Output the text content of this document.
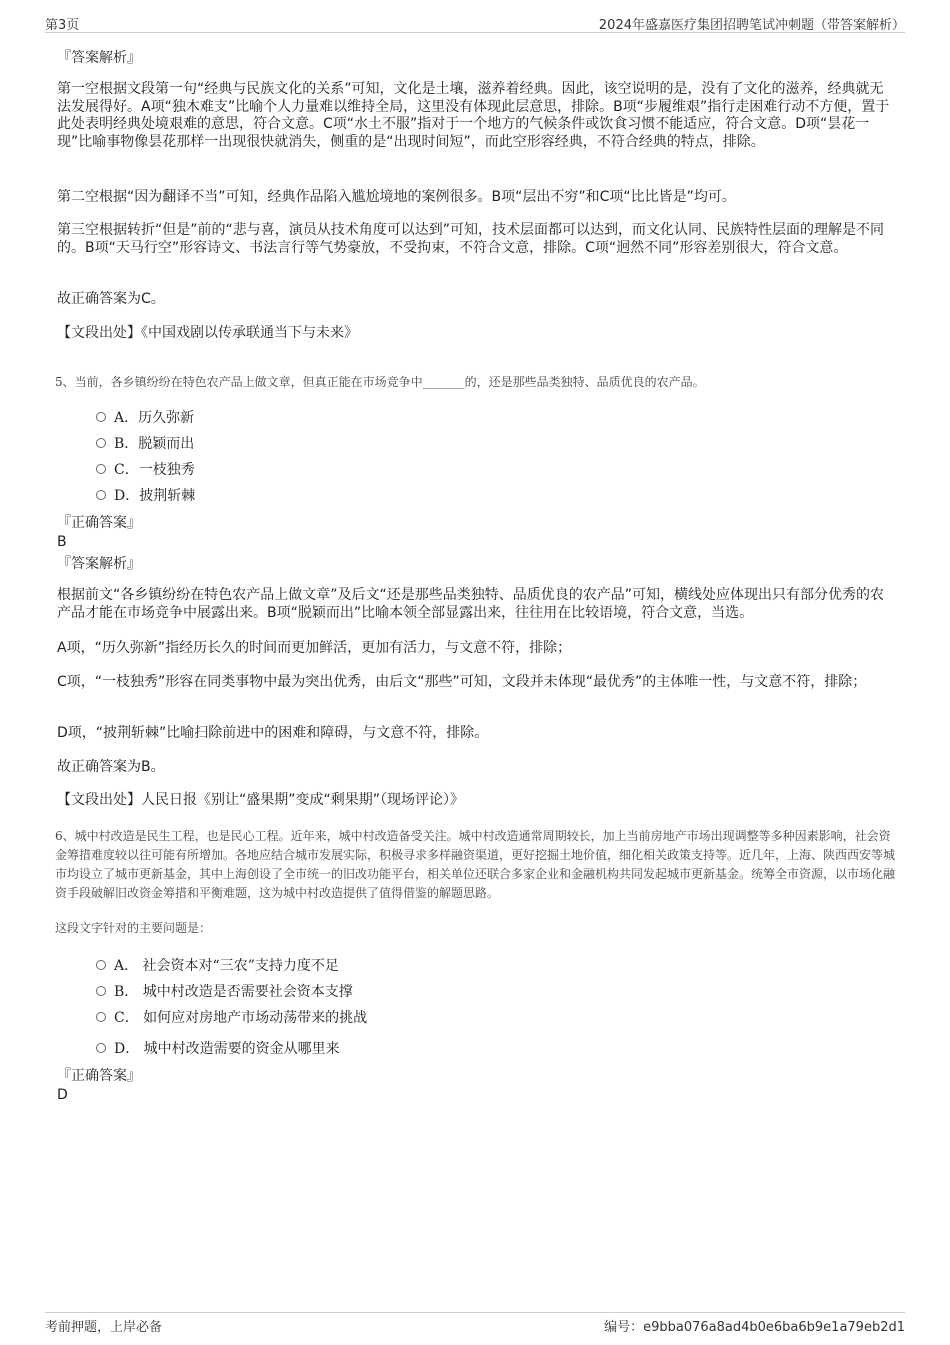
第3页	2024年盛嘉医疗集团招聘笔试冲刺题（带答案解析）
『答案解析』
第一空根据文段第一句“经典与民族文化的关系”可知，文化是土壤，滋养着经典。因此，该空说明的是，没有了文化的滋养，经典就无法发展得好。A项“独木难支”比喻个人力量难以维持全局，这里没有体现此层意思，排除。B项“步履维艰”指行走困难行动不方便，置于此处表明经典处境艰难的意思，符合文意。C项“水土不服”指对于一个地方的气候条件或饮食习惯不能适应，符合文意。D项“昙花一现”比喻事物像昙花那样一出现很快就消失，侧重的是“出现时间短”，而此空形容经典，不符合经典的特点，排除。
第二空根据“因为翻译不当”可知，经典作品陷入尴尬境地的案例很多。B项“层出不穷”和C项“比比皆是”均可。
第三空根据转折“但是”前的“悲与喜，演员从技术角度可以达到”可知，技术层面都可以达到，而文化认同、民族特性层面的理解是不同的。B项“天马行空”形容诗文、书法言行等气势豪放，不受拘束，不符合文意，排除。C项“迥然不同”形容差别很大，符合文意。
故正确答案为C。
【文段出处】《中国戏剧以传承联通当下与未来》
5、当前，各乡镇纷纷在特色农产品上做文章，但真正能在市场竞争中_______的，还是那些品类独特、品质优良的农产品。
A．历久弥新
B．脱颖而出
C．一枝独秀
D．披荆斩棘
『正确答案』
B
『答案解析』
根据前文“各乡镇纷纷在特色农产品上做文章”及后文“还是那些品类独特、品质优良的农产品”可知，横线处应体现出只有部分优秀的农产品才能在市场竞争中展露出来。B项“脱颖而出”比喻本领全部显露出来，往往用在比较语境，符合文意，当选。
A项，“历久弥新”指经历长久的时间而更加鲜活，更加有活力，与文意不符，排除；
C项，“一枝独秀”形容在同类事物中最为突出优秀，由后文“那些”可知，文段并未体现“最优秀”的主体唯一性，与文意不符，排除；
D项，“披荆斩棘”比喻扫除前进中的困难和障碍，与文意不符，排除。
故正确答案为B。
【文段出处】人民日报《别让“盛果期”变成“剩果期”（现场评论）》
6、城中村改造是民生工程，也是民心工程。近年来，城中村改造备受关注。城中村改造通常周期较长，加上当前房地产市场出现调整等多种因素影响，社会资金筹措难度较以往可能有所增加。各地应结合城市发展实际，积极寻求多样融资渠道，更好挖掘土地价值，细化相关政策支持等。近几年，上海、陕西西安等城市均设立了城市更新基金，其中上海创设了全市统一的旧改功能平台，相关单位还联合多家企业和金融机构共同发起城市更新基金。统筹全市资源，以市场化融资手段破解旧改资金筹措和平衡难题，这为城中村改造提供了值得借鉴的解题思路。
这段文字针对的主要问题是：
A． 社会资本对“三农”支持力度不足
B． 城中村改造是否需要社会资本支撑
C． 如何应对房地产市场动荡带来的挑战
D． 城中村改造需要的资金从哪里来
『正确答案』
D
考前押题，上岸必备	编号：e9bba076a8ad4b0e6ba6b9e1a79eb2d1
